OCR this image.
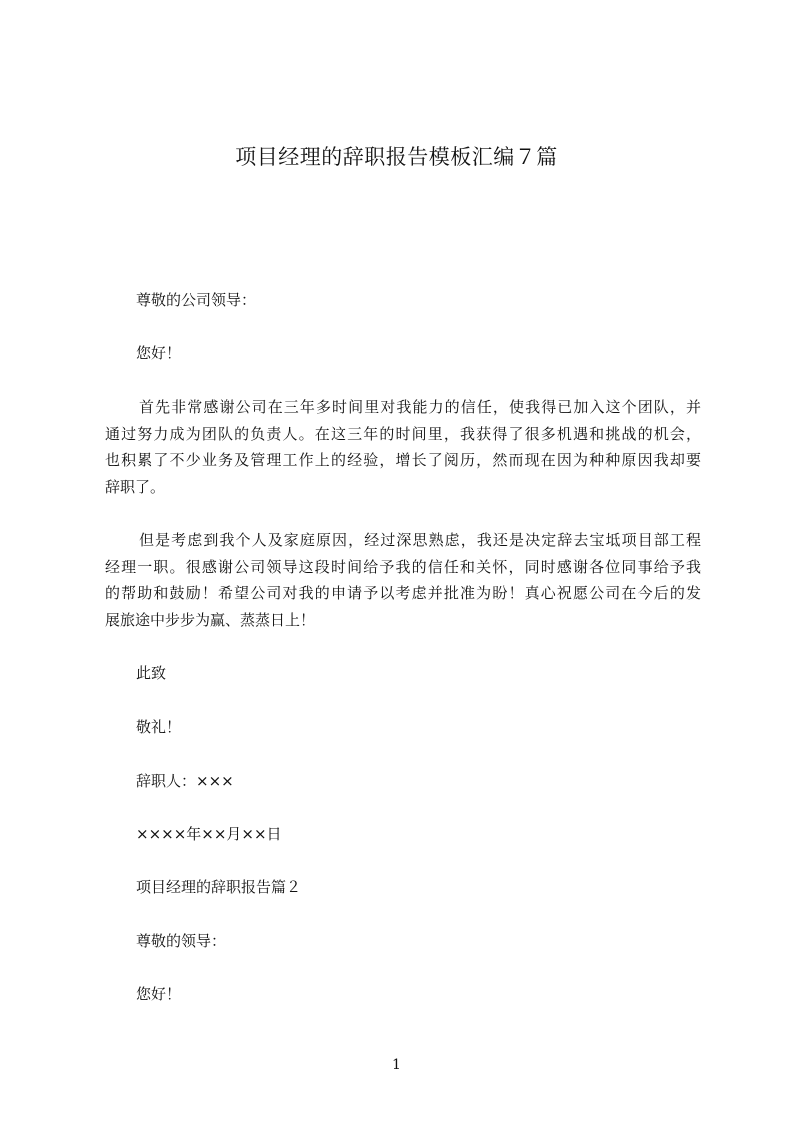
项目经理的辞职报告模板汇编７篇
尊敬的公司领导：
您好！
首先非常感谢公司在三年多时间里对我能力的信任，使我得已加入这个团队，并
通过努力成为团队的负责人。在这三年的时间里，我获得了很多机遇和挑战的机会，
也积累了不少业务及管理工作上的经验，增长了阅历，然而现在因为种种原因我却要
辞职了。
但是考虑到我个人及家庭原因，经过深思熟虑，我还是决定辞去宝坻项目部工程
经理一职。很感谢公司领导这段时间给予我的信任和关怀，同时感谢各位同事给予我
的帮助和鼓励！希望公司对我的申请予以考虑并批准为盼！真心祝愿公司在今后的发
展旅途中步步为赢、蒸蒸日上！
此致
敬礼！
辞职人：×××
××××年××月××日
项目经理的辞职报告篇２
尊敬的领导：
您好！
1
